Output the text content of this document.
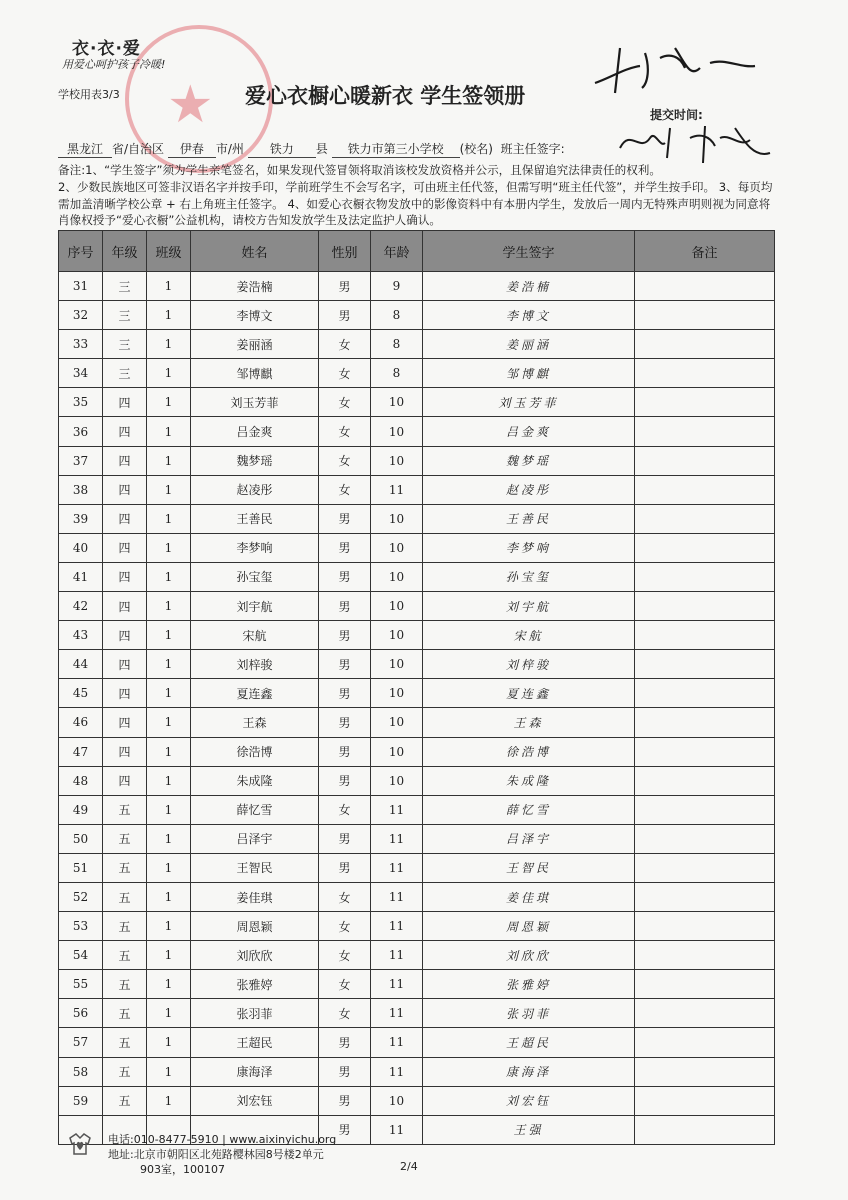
★
衣·衣·爱
用爱心呵护孩子冷暖!
学校用表3/3	爱心衣橱心暖新衣 学生签领册
提交时间:
黑龙江 省/自治区 伊春 市/州 铁力 县 铁力市第三小学校 (校名) 班主任签字:

备注:1、“学生签字”须为学生亲笔签名，如果发现代签冒领将取消该校发放资格并公示，且保留追究法律责任的权利。

2、少数民族地区可签非汉语名字并按手印，学前班学生不会写名字，可由班主任代签，但需写明“班主任代签”，并学生按手印。 3、每页均需加盖清晰学校公章 + 右上角班主任签字。 4、如爱心衣橱衣物发放中的影像资料中有本册内学生，发放后一周内无特殊声明则视为同意将肖像权授予“爱心衣橱”公益机构，请校方告知发放学生及法定监护人确认。

序号	年级	班级	姓名	性别	年龄	学生签字	备注
31	三	1	姜浩楠	男	9	姜浩楠	
32	三	1	李博文	男	8	李博文	
33	三	1	姜丽涵	女	8	姜丽涵	
34	三	1	邹博麒	女	8	邹博麒	
35	四	1	刘玉芳菲	女	10	刘玉芳菲	
36	四	1	吕金爽	女	10	吕金爽	
37	四	1	魏梦瑶	女	10	魏梦瑶	
38	四	1	赵凌彤	女	11	赵凌彤	
39	四	1	王善民	男	10	王善民	
40	四	1	李梦响	男	10	李梦响	
41	四	1	孙宝玺	男	10	孙宝玺	
42	四	1	刘宇航	男	10	刘宇航	
43	四	1	宋航	男	10	宋航	
44	四	1	刘梓骏	男	10	刘梓骏	
45	四	1	夏连鑫	男	10	夏连鑫	
46	四	1	王森	男	10	王森	
47	四	1	徐浩博	男	10	徐浩博	
48	四	1	朱成隆	男	10	朱成隆	
49	五	1	薛忆雪	女	11	薛忆雪	
50	五	1	吕泽宇	男	11	吕泽宇	
51	五	1	王智民	男	11	王智民	
52	五	1	姜佳琪	女	11	姜佳琪	
53	五	1	周恩颖	女	11	周恩颖	
54	五	1	刘欣欣	女	11	刘欣欣	
55	五	1	张雅婷	女	11	张雅婷	
56	五	1	张羽菲	女	11	张羽菲	
57	五	1	王超民	男	11	王超民	
58	五	1	康海泽	男	11	康海泽	
59	五	1	刘宏钰	男	10	刘宏钰	
				男	11	王强	
电话:010-8477-5910 | www.aixinyichu.org
地址:北京市朝阳区北苑路樱林园8号楼2单元
903室，100107	2/4
